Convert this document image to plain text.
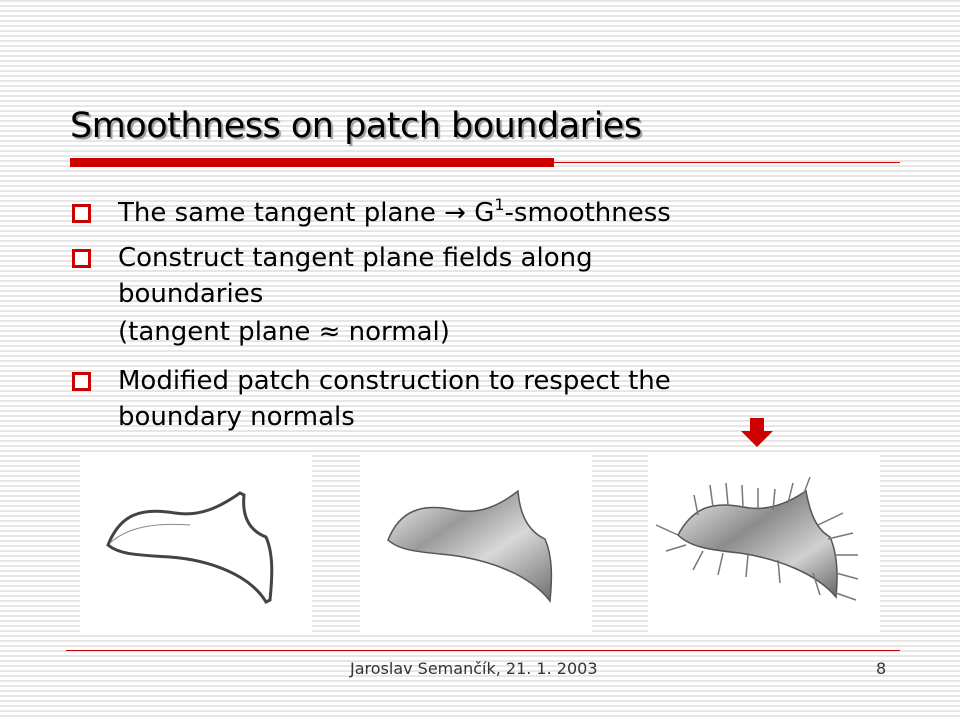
Smoothness on patch boundaries
The same tangent plane → $G^1$-smoothness
Construct tangent plane fields along
boundaries
(tangent plane ≈ normal)
Modified patch construction to respect the
boundary normals
Jaroslav Semančík, 21. 1. 2003	8
